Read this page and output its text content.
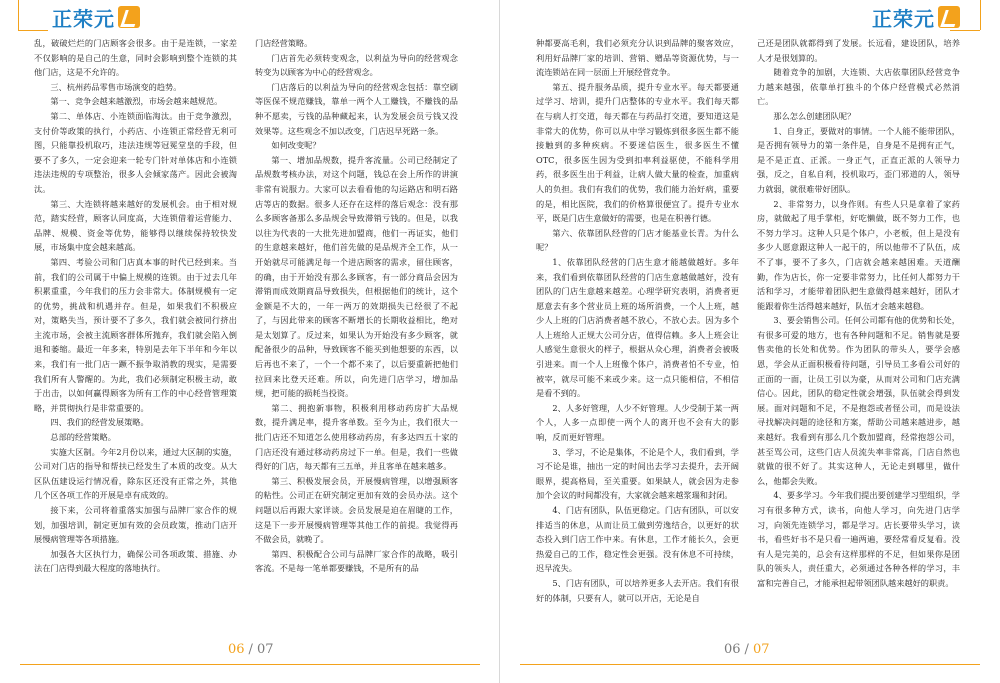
正荣元

乱，破破烂烂的门店顾客会很多。由于是连锁，一家差不仅影响的是自己的生意，同时会影响到整个连锁的其他门店，这是不允许的。

三、杭州药品零售市场演变的趋势。

第一、竞争会越来越激烈，市场会越来越规范。

第二、单体店、小连锁面临淘汰。由于竞争激烈，支付价等政策的执行，小药店、小连锁正常经营无利可图，只能靠投机取巧，违法违规等冠冕堂皇的手段，但要不了多久，一定会迎来一轮专门针对单体店和小连锁违法违规的专项整治，很多人会倾家荡产。因此会被淘汰。

第三、大连锁将越来越好的发展机会。由于相对规范，踏实经营，顾客认同度高，大连锁借着运营能力、品牌、规模、资金等优势，能够得以继续保持较快发展，市场集中度会越来越高。

第四、考验公司和门店真本事的时代已经到来。当前，我们的公司属于中偏上规模的连锁。由于过去几年积累重重，今年我们的压力会非常大。体制规模有一定的优势，挑战和机遇并存。但是，如果我们不积极应对，策略失当，预计要不了多久，我们就会被同行挤出主流市场，会被主流顾客群体所抛弃，我们就会陷入倒退和萎缩。最近一年多来，特别是去年下半年和今年以来，我们有一批门店一蹶不振争取消教的现实，是需要我们所有人警醒的。为此，我们必须制定积极主动，敢于出击，以如何赢得顾客为所有工作的中心经营管理策略，并贯彻执行是非常重要的。

四、我们的经营发展策略。

总部的经营策略。

实施大区制。今年2月份以来，通过大区制的实施，公司对门店的指导和帮扶已经发生了本质的改变。从大区队伍建设运行情况看，除东区还没有正常之外，其他几个区各项工作的开展是卓有成效的。

接下来，公司将着重落实加强与品牌厂家合作的规划，加强培训，制定更加有效的会员政策，推动门店开展慢病管理等各项措施。

加强各大区执行力，确保公司各项政策、措施、办法在门店得到最大程度的落地执行。

门店经营策略。

门店首先必须转变观念，以利益为导向的经营观念转变为以顾客为中心的经营观念。

门店落后的以利益为导向的经营观念包括：靠空刷等医保不规范赚钱，靠单一两个人工赚钱，不赚钱的品种不愿卖，亏钱的品种藏起来，认为发展会员亏钱又没效果等。这些观念不加以改变，门店迟早死路一条。

如何改变呢？

第一、增加品规数，提升客流量。公司已经制定了品规数考核办法，对这个问题，钱总在会上所作的讲演非常有说服力。大家可以去看看他的勾运路店和明石路店等店的数据。很多人还存在这样的落后观念：没有那么多顾客备那么多品规会导致滞销亏钱的。但是，以我以往为代表的一大批先进加盟商，他们一再证实，他们的生意越来越好，他们首先做的是品规齐全工作，从一开始就尽可能满足每一个进店顾客的需求，留住顾客，的确，由于开始没有那么多顾客，有一部分商品会因为滞销而成效期商品导致损失，但根据他们的统计，这个金额是不大的，一年一两万的效期损失已经很了不起了，与因此带来的顾客不断增长的长期收益相比，绝对是太划算了。反过来，如果认为开始没有多少顾客，就配备很少的品种，导致顾客不能买到他想要的东西，以后再也不来了，一个一个都不来了，以后要重新把他们拉回来比登天还难。所以，向先进门店学习，增加品规，把可能的损耗当投资。

第二、拥抱新事物，积极利用移动药房扩大品规数，提升满足率，提升客单数。至今为止，我们很大一批门店还不知道怎么使用移动药房，有多达四五十家的门店还没有通过移动药房过下一单。但是，我们一些做得好的门店，每天都有三五单，并且客单在越来越多。

第三、积极发展会员，开展慢病管理，以增强顾客的粘性。公司正在研究制定更加有效的会员办法。这个问题以后再跟大家详谈。会员发展是迫在眉睫的工作，这是下一步开展慢病管理等其他工作的前提。我觉得再不做会员，就晚了。

第四、积极配合公司与品牌厂家合作的战略，吸引客流。不是每一笔单都要赚钱，不是所有的品

06 / 07
正荣元

种都要高毛利，我们必须充分认识到品牌的聚客效应，利用好品牌厂家的培训、营销、赠品等资源优势，与一流连锁站在同一层面上开展经营竞争。

第五、提升服务品质，提升专业水平。每天都要通过学习、培训，提升门店整体的专业水平。我们每天都在与病人打交道，每天都在与药品打交道，要知道这是非常大的优势，你可以从中学习锻炼到很多医生都不能接触到的多种疾病。不要迷信医生，很多医生不懂OTC，很多医生因为受到扣率利益驱使，不能科学用药，很多医生出于利益，让病人做大量的检查，加重病人的负担。我们有我们的优势，我们能力治好病，重要的是，相比医院，我们的价格算很便宜了。提升专业水平，既是门店生意做好的需要，也是在积善行德。

第六、依靠团队经营的门店才能基业长青。为什么呢？

1、依靠团队经营的门店生意才能越做越好。多年来，我们看到依靠团队经营的门店生意越做越好，没有团队的门店生意越来越差。心理学研究表明，消费者更愿意去有多个营业员上班的场所消费，一个人上班，越少人上班的门店消费者越不放心，不放心去。因为多个人上班给人正规大公司分店，值得信赖。多人上班会让人感觉生意很火的样子，根据从众心理，消费者会被吸引进来。而一个人上班像个体户，消费者怕不专业，怕被宰，就尽可能不来或少来。这一点只能相信，不相信是看不到的。

2、人多好管理，人少不好管理。人少受制于某一两个人，人多一点即使一两个人的离开也不会有大的影响，反而更好管理。

3、学习，不论是集体，不论是个人，我们看到，学习不论是谁，抽出一定的时间出去学习去提升，去开阔眼界，提高格局，至关重要。如果缺人，就会因为走参加个会议的时间都没有，大家就会越来越浆瑞和封闭。

4、门店有团队，队伍更稳定。门店有团队，可以安排适当的休息，从而让员工做到劳逸结合，以更好的状态投入到门店工作中来。有休息，工作才能长久，会更热爱自己的工作，稳定性会更强。没有休息不可持续，迟早流失。

5、门店有团队，可以培养更多人去开店。我们有很好的体制，只要有人，就可以开店，无论是自

己还是团队就都得到了发展。长远看，建设团队，培养人才是很划算的。

随着竞争的加剧，大连锁、大店依靠团队经营竞争力越来越强，依靠单打独斗的个体户经营模式必然消亡。

那么怎么创建团队呢？

1、自身正，要做对的事情。一个人能不能带团队，是否拥有领导力的第一条件是，自身是不是拥有正气，是不是正直、正派。一身正气，正直正派的人领导力强，反之，自私自利，投机取巧，歪门邪道的人，领导力就弱，就很难带好团队。

2、非常努力，以身作则。有些人只是拿着了家药房，就做起了甩手掌柜，好吃懒做，既不努力工作，也不努力学习。这种人只是个体户，小老板，但上是没有多少人愿意跟这种人一起干的，所以他带不了队伍，成不了事，要不了多久，门店就会越来越困难。天道酬勤，作为店长，你一定要非常努力，比任何人都努力干活和学习，才能带着团队把生意做得越来越好，团队才能跟着你生活得越来越好，队伍才会越来越稳。

3、要会销售公司。任何公司都有他的优势和长处，有很多可爱的地方，也有各种问题和不足。销售就是要售卖他的长处和优势。作为团队的带头人，要学会感恩，学会从正面积极看待问题，引导员工多看公司好的正面的一面，让员工引以为豪，从而对公司和门店充满信心。因此，团队的稳定性就会增强，队伍就会得到发展。面对问题和不足，不是抱怨或者怪公司，而是设法寻找解决问题的途径和方案，帮助公司越来越进步，越来越好。我看到有那么几个数加盟商，经常抱怨公司，甚至骂公司，这些门店人员流失率非常高，门店自然也就做的很不好了。其实这种人，无论走到哪里，做什么，他都会失败。

4、要多学习。今年我们提出要创建学习型组织，学习有很多种方式，读书，向他人学习，向先进门店学习，向领先连锁学习，都是学习。店长要带头学习，读书，看些好书不是只看一遍两遍，要经常看反复看。没有人是完美的，总会有这样那样的不足，但如果你是团队的领头人，责任重大，必须通过各种各样的学习，丰富和完善自己，才能承担起带领团队越来越好的职责。

06 / 07
